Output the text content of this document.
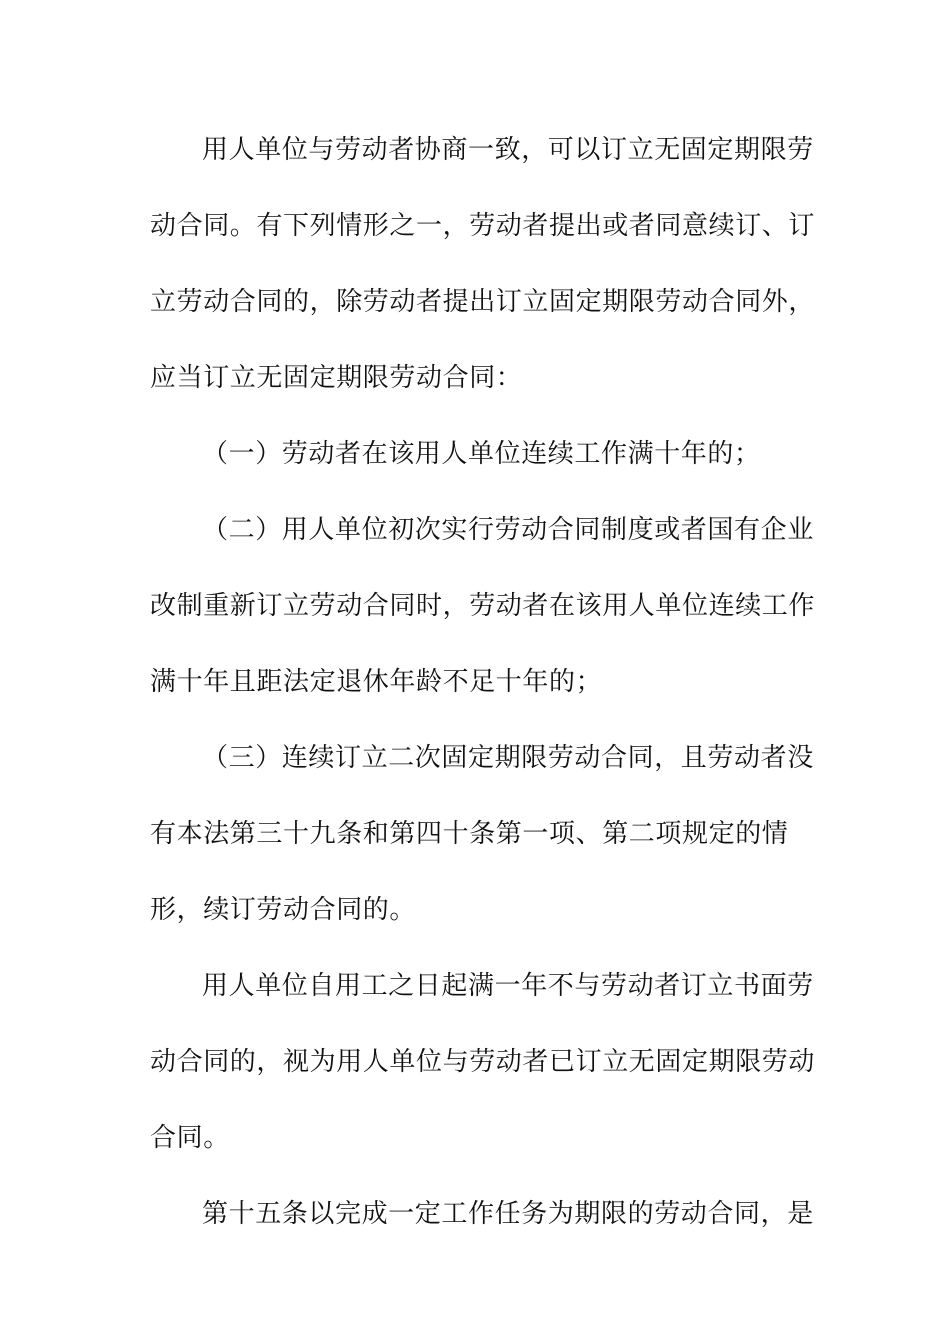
用人单位与劳动者协商一致，可以订立无固定期限劳
动合同。有下列情形之一，劳动者提出或者同意续订、订
立劳动合同的，除劳动者提出订立固定期限劳动合同外，
应当订立无固定期限劳动合同：
（一）劳动者在该用人单位连续工作满十年的；
（二）用人单位初次实行劳动合同制度或者国有企业
改制重新订立劳动合同时，劳动者在该用人单位连续工作
满十年且距法定退休年龄不足十年的；
（三）连续订立二次固定期限劳动合同，且劳动者没
有本法第三十九条和第四十条第一项、第二项规定的情
形，续订劳动合同的。
用人单位自用工之日起满一年不与劳动者订立书面劳
动合同的，视为用人单位与劳动者已订立无固定期限劳动
合同。
第十五条以完成一定工作任务为期限的劳动合同，是
